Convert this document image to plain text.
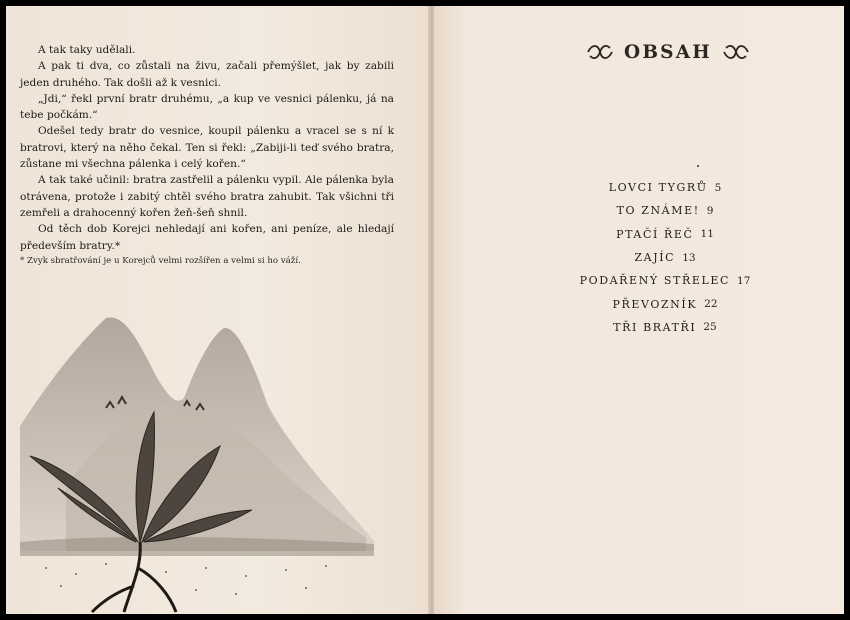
A tak taky udělali.

A pak ti dva, co zůstali na živu, začali přemýšlet, jak by zabili jeden druhého. Tak došli až k vesnici.

„Jdi,“ řekl první bratr druhému, „a kup ve vesnici pálenku, já na tebe počkám.“

Odešel tedy bratr do vesnice, koupil pálenku a vracel se s ní k bratrovi, který na něho čekal. Ten si řekl: „Zabiji-li teď svého bratra, zůstane mi všechna pálenka i celý kořen.“

A tak také učinil: bratra zastřelil a pálenku vypil. Ale pálenka byla otrávena, protože i zabitý chtěl svého bratra zahubit. Tak všichni tři zemřeli a drahocenný kořen žeň-šeň shnil.

Od těch dob Korejci nehledají ani kořen, ani peníze, ale hledají především bratry.*

* Zvyk sbratřování je u Korejců velmi rozšířen a velmi si ho váží.
OBSAH
LOVCI TYGRŮ 5
TO ZNÁME! 9
PTAČÍ ŘEČ 11
ZAJÍC 13
PODAŘENÝ STŘELEC 17
PŘEVOZNÍK 22
TŘI BRATŘI 25
